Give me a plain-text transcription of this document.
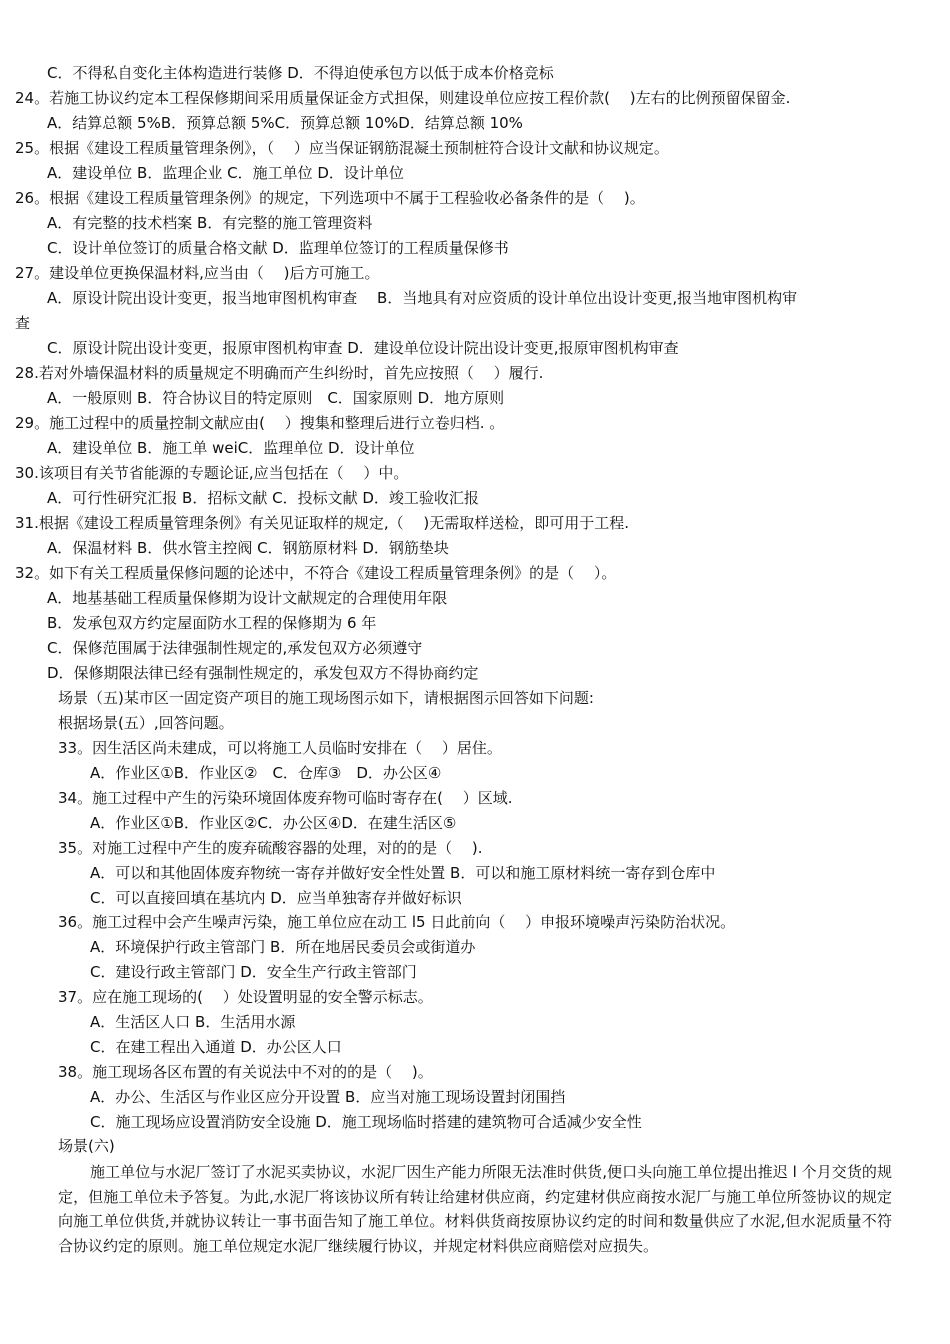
C．不得私自变化主体构造进行装修 D．不得迫使承包方以低于成本价格竞标
24。若施工协议约定本工程保修期间采用质量保证金方式担保，则建设单位应按工程价款(　 )左右的比例预留保留金.
A．结算总额 5%B．预算总额 5%C．预算总额 10%D．结算总额 10%
25。根据《建设工程质量管理条例》，（　 ）应当保证钢筋混凝土预制桩符合设计文献和协议规定。
A．建设单位 B．监理企业 C．施工单位 D．设计单位
26。根据《建设工程质量管理条例》的规定，下列选项中不属于工程验收必备条件的是（　 )。
A．有完整的技术档案 B．有完整的施工管理资料
C．设计单位签订的质量合格文献 D．监理单位签订的工程质量保修书
27。建设单位更换保温材料,应当由（　 )后方可施工。
A．原设计院出设计变更，报当地审图机构审查　 B．当地具有对应资质的设计单位出设计变更,报当地审图机构审
查
C．原设计院出设计变更，报原审图机构审查 D．建设单位设计院出设计变更,报原审图机构审查
28.若对外墙保温材料的质量规定不明确而产生纠纷时，首先应按照（　 ）履行.
A．一般原则 B．符合协议目的特定原则　C．国家原则 D．地方原则
29。施工过程中的质量控制文献应由(　 ）搜集和整理后进行立卷归档. 。
A．建设单位 B．施工单 weiC．监理单位 D．设计单位
30.该项目有关节省能源的专题论证,应当包括在（　 ）中。
A．可行性研究汇报 B．招标文献 C．投标文献 D．竣工验收汇报
31.根据《建设工程质量管理条例》有关见证取样的规定,（　 )无需取样送检，即可用于工程.
A．保温材料 B．供水管主控阀 C．钢筋原材料 D．钢筋垫块
32。如下有关工程质量保修问题的论述中，不符合《建设工程质量管理条例》的是（　 ）。
A．地基基础工程质量保修期为设计文献规定的合理使用年限
B．发承包双方约定屋面防水工程的保修期为 6 年
C．保修范围属于法律强制性规定的,承发包双方必须遵守
D．保修期限法律已经有强制性规定的，承发包双方不得协商约定
场景（五)某市区一固定资产项目的施工现场图示如下，请根据图示回答如下问题:
根据场景(五）,回答问题。
33。因生活区尚未建成，可以将施工人员临时安排在（　 ）居住。
A．作业区①B．作业区②　C．仓库③　D．办公区④
34。施工过程中产生的污染环境固体废弃物可临时寄存在(　 ）区域.
A．作业区①B．作业区②C．办公区④D．在建生活区⑤
35。对施工过程中产生的废弃硫酸容器的处理，对的的是（　 ).
A．可以和其他固体废弃物统一寄存并做好安全性处置 B．可以和施工原材料统一寄存到仓库中
C．可以直接回填在基坑内 D．应当单独寄存并做好标识
36。施工过程中会产生噪声污染，施工单位应在动工 l5 日此前向（　 ）申报环境噪声污染防治状况。
A．环境保护行政主管部门 B．所在地居民委员会或街道办
C．建设行政主管部门 D．安全生产行政主管部门
37。应在施工现场的(　 ）处设置明显的安全警示标志。
A．生活区人口 B．生活用水源
C．在建工程出入通道 D．办公区人口
38。施工现场各区布置的有关说法中不对的的是（　 )。
A．办公、生活区与作业区应分开设置 B．应当对施工现场设置封闭围挡
C．施工现场应设置消防安全设施 D．施工现场临时搭建的建筑物可合适减少安全性
场景(六)
施工单位与水泥厂签订了水泥买卖协议，水泥厂因生产能力所限无法准时供货,便口头向施工单位提出推迟 l 个月交货的规定，但施工单位未予答复。为此,水泥厂将该协议所有转让给建材供应商，约定建材供应商按水泥厂与施工单位所签协议的规定向施工单位供货,并就协议转让一事书面告知了施工单位。材料供货商按原协议约定的时间和数量供应了水泥,但水泥质量不符合协议约定的原则。施工单位规定水泥厂继续履行协议，并规定材料供应商赔偿对应损失。
